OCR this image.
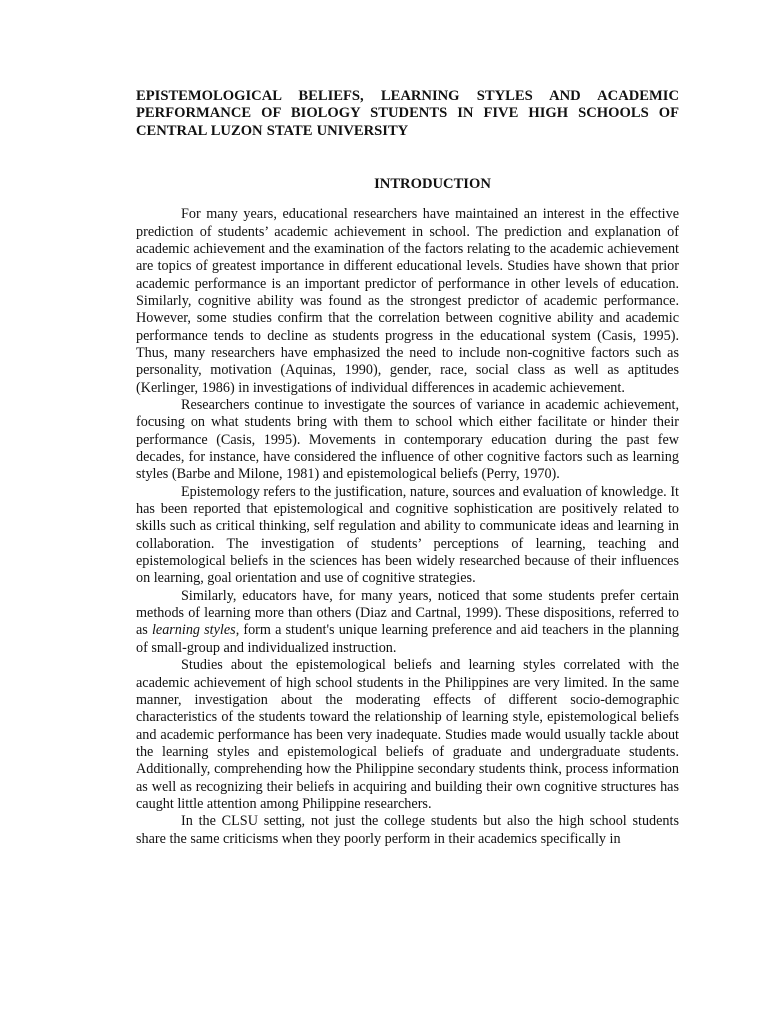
EPISTEMOLOGICAL BELIEFS, LEARNING STYLES AND ACADEMIC PERFORMANCE OF BIOLOGY STUDENTS IN FIVE HIGH SCHOOLS OF CENTRAL LUZON STATE UNIVERSITY

INTRODUCTION

For many years, educational researchers have maintained an interest in the effective prediction of students’ academic achievement in school. The prediction and explanation of academic achievement and the examination of the factors relating to the academic achievement are topics of greatest importance in different educational levels. Studies have shown that prior academic performance is an important predictor of performance in other levels of education. Similarly, cognitive ability was found as the strongest predictor of academic performance. However, some studies confirm that the correlation between cognitive ability and academic performance tends to decline as students progress in the educational system (Casis, 1995). Thus, many researchers have emphasized the need to include non-cognitive factors such as personality, motivation (Aquinas, 1990), gender, race, social class as well as aptitudes (Kerlinger, 1986) in investigations of individual differences in academic achievement.

Researchers continue to investigate the sources of variance in academic achievement, focusing on what students bring with them to school which either facilitate or hinder their performance (Casis, 1995). Movements in contemporary education during the past few decades, for instance, have considered the influence of other cognitive factors such as learning styles (Barbe and Milone, 1981) and epistemological beliefs (Perry, 1970).

Epistemology refers to the justification, nature, sources and evaluation of knowledge. It has been reported that epistemological and cognitive sophistication are positively related to skills such as critical thinking, self regulation and ability to communicate ideas and learning in collaboration. The investigation of students’ perceptions of learning, teaching and epistemological beliefs in the sciences has been widely researched because of their influences on learning, goal orientation and use of cognitive strategies.

Similarly, educators have, for many years, noticed that some students prefer certain methods of learning more than others (Diaz and Cartnal, 1999). These dispositions, referred to as learning styles, form a student's unique learning preference and aid teachers in the planning of small-group and individualized instruction.

Studies about the epistemological beliefs and learning styles correlated with the academic achievement of high school students in the Philippines are very limited. In the same manner, investigation about the moderating effects of different socio-demographic characteristics of the students toward the relationship of learning style, epistemological beliefs and academic performance has been very inadequate. Studies made would usually tackle about the learning styles and epistemological beliefs of graduate and undergraduate students. Additionally, comprehending how the Philippine secondary students think, process information as well as recognizing their beliefs in acquiring and building their own cognitive structures has caught little attention among Philippine researchers.

In the CLSU setting, not just the college students but also the high school students share the same criticisms when they poorly perform in their academics specifically in
